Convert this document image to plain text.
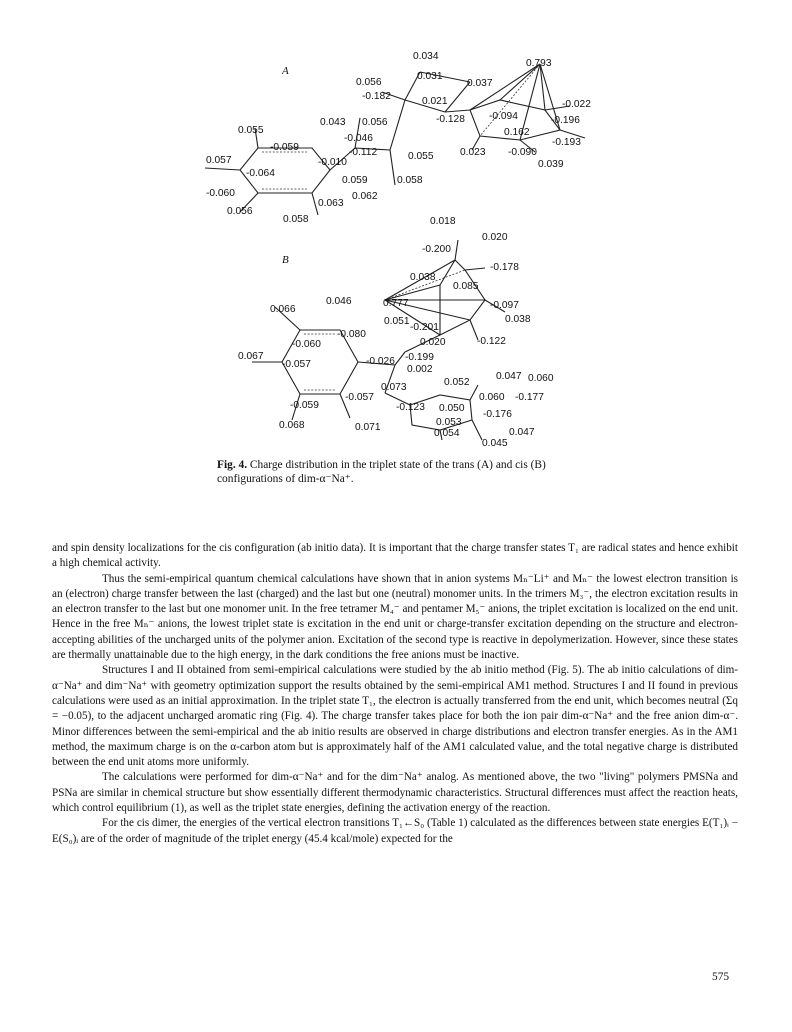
A
B
0.034
0.031
0.056
-0.182	0.021
0.037
0.793
0.043 0.056	-0.128 -0.094
-0.022
0.055
-0.046
0.162
-0.196
-0.059	-0.112	0.055	0.023 -0.090
-0.193
0.057	-0.010	0.039
-0.064
0.059	0.058
-0.060	0.062
0.056
0.058
0.063
0.018
0.020
-0.200
-0.178
0.038
0.085
0.066
0.046	0.777	-0.097
0.051
-0.201
0.038
-0.080
0.020
-0.060	-0.122
0.067
-0.057	-0.026 -0.199
0.002
0.052
0.047 0.060
0.073
-0.057	0.060 -0.177
-0.059	-0.123 0.050
-0.176
0.068	0.071	0.053
0.054	0.047
0.045
Fig. 4. Charge distribution in the triplet state of the trans (A) and cis (B) configurations of dim-α⁻Na⁺.

and spin density localizations for the cis configuration (ab initio data). It is important that the charge transfer states T₁ are radical states and hence exhibit a high chemical activity.

Thus the semi-empirical quantum chemical calculations have shown that in anion systems Mₙ⁻Li⁺ and Mₙ⁻ the lowest electron transition is an (electron) charge transfer between the last (charged) and the last but one (neutral) monomer units. In the trimers M₃⁻, the electron excitation results in an electron transfer to the last but one monomer unit. In the free tetramer M₄⁻ and pentamer M₅⁻ anions, the triplet excitation is localized on the end unit. Hence in the free Mₙ⁻ anions, the lowest triplet state is excitation in the end unit or charge-transfer excitation depending on the structure and electron-accepting abilities of the uncharged units of the polymer anion. Excitation of the second type is reactive in depolymerization. However, since these states are thermally unattainable due to the high energy, in the dark conditions the free anions must be inactive.

Structures I and II obtained from semi-empirical calculations were studied by the ab initio method (Fig. 5). The ab initio calculations of dim-α⁻Na⁺ and dim⁻Na⁺ with geometry optimization support the results obtained by the semi-empirical AM1 method. Structures I and II found in previous calculations were used as an initial approximation. In the triplet state T₁, the electron is actually transferred from the end unit, which becomes neutral (Σq = −0.05), to the adjacent uncharged aromatic ring (Fig. 4). The charge transfer takes place for both the ion pair dim-α⁻Na⁺ and the free anion dim-α⁻. Minor differences between the semi-empirical and the ab initio results are observed in charge distributions and electron transfer energies. As in the AM1 method, the maximum charge is on the α-carbon atom but is approximately half of the AM1 calculated value, and the total negative charge is distributed between the end unit atoms more uniformly.

The calculations were performed for dim-α⁻Na⁺ and for the dim⁻Na⁺ analog. As mentioned above, the two "living" polymers PMSNa and PSNa are similar in chemical structure but show essentially different thermodynamic characteristics. Structural differences must affect the reaction heats, which control equilibrium (1), as well as the triplet state energies, defining the activation energy of the reaction.

For the cis dimer, the energies of the vertical electron transitions T₁←S₀ (Table 1) calculated as the differences between state energies E(T₁)ᵢ − E(S₀)ᵢ are of the order of magnitude of the triplet energy (45.4 kcal/mole) expected for the

575
